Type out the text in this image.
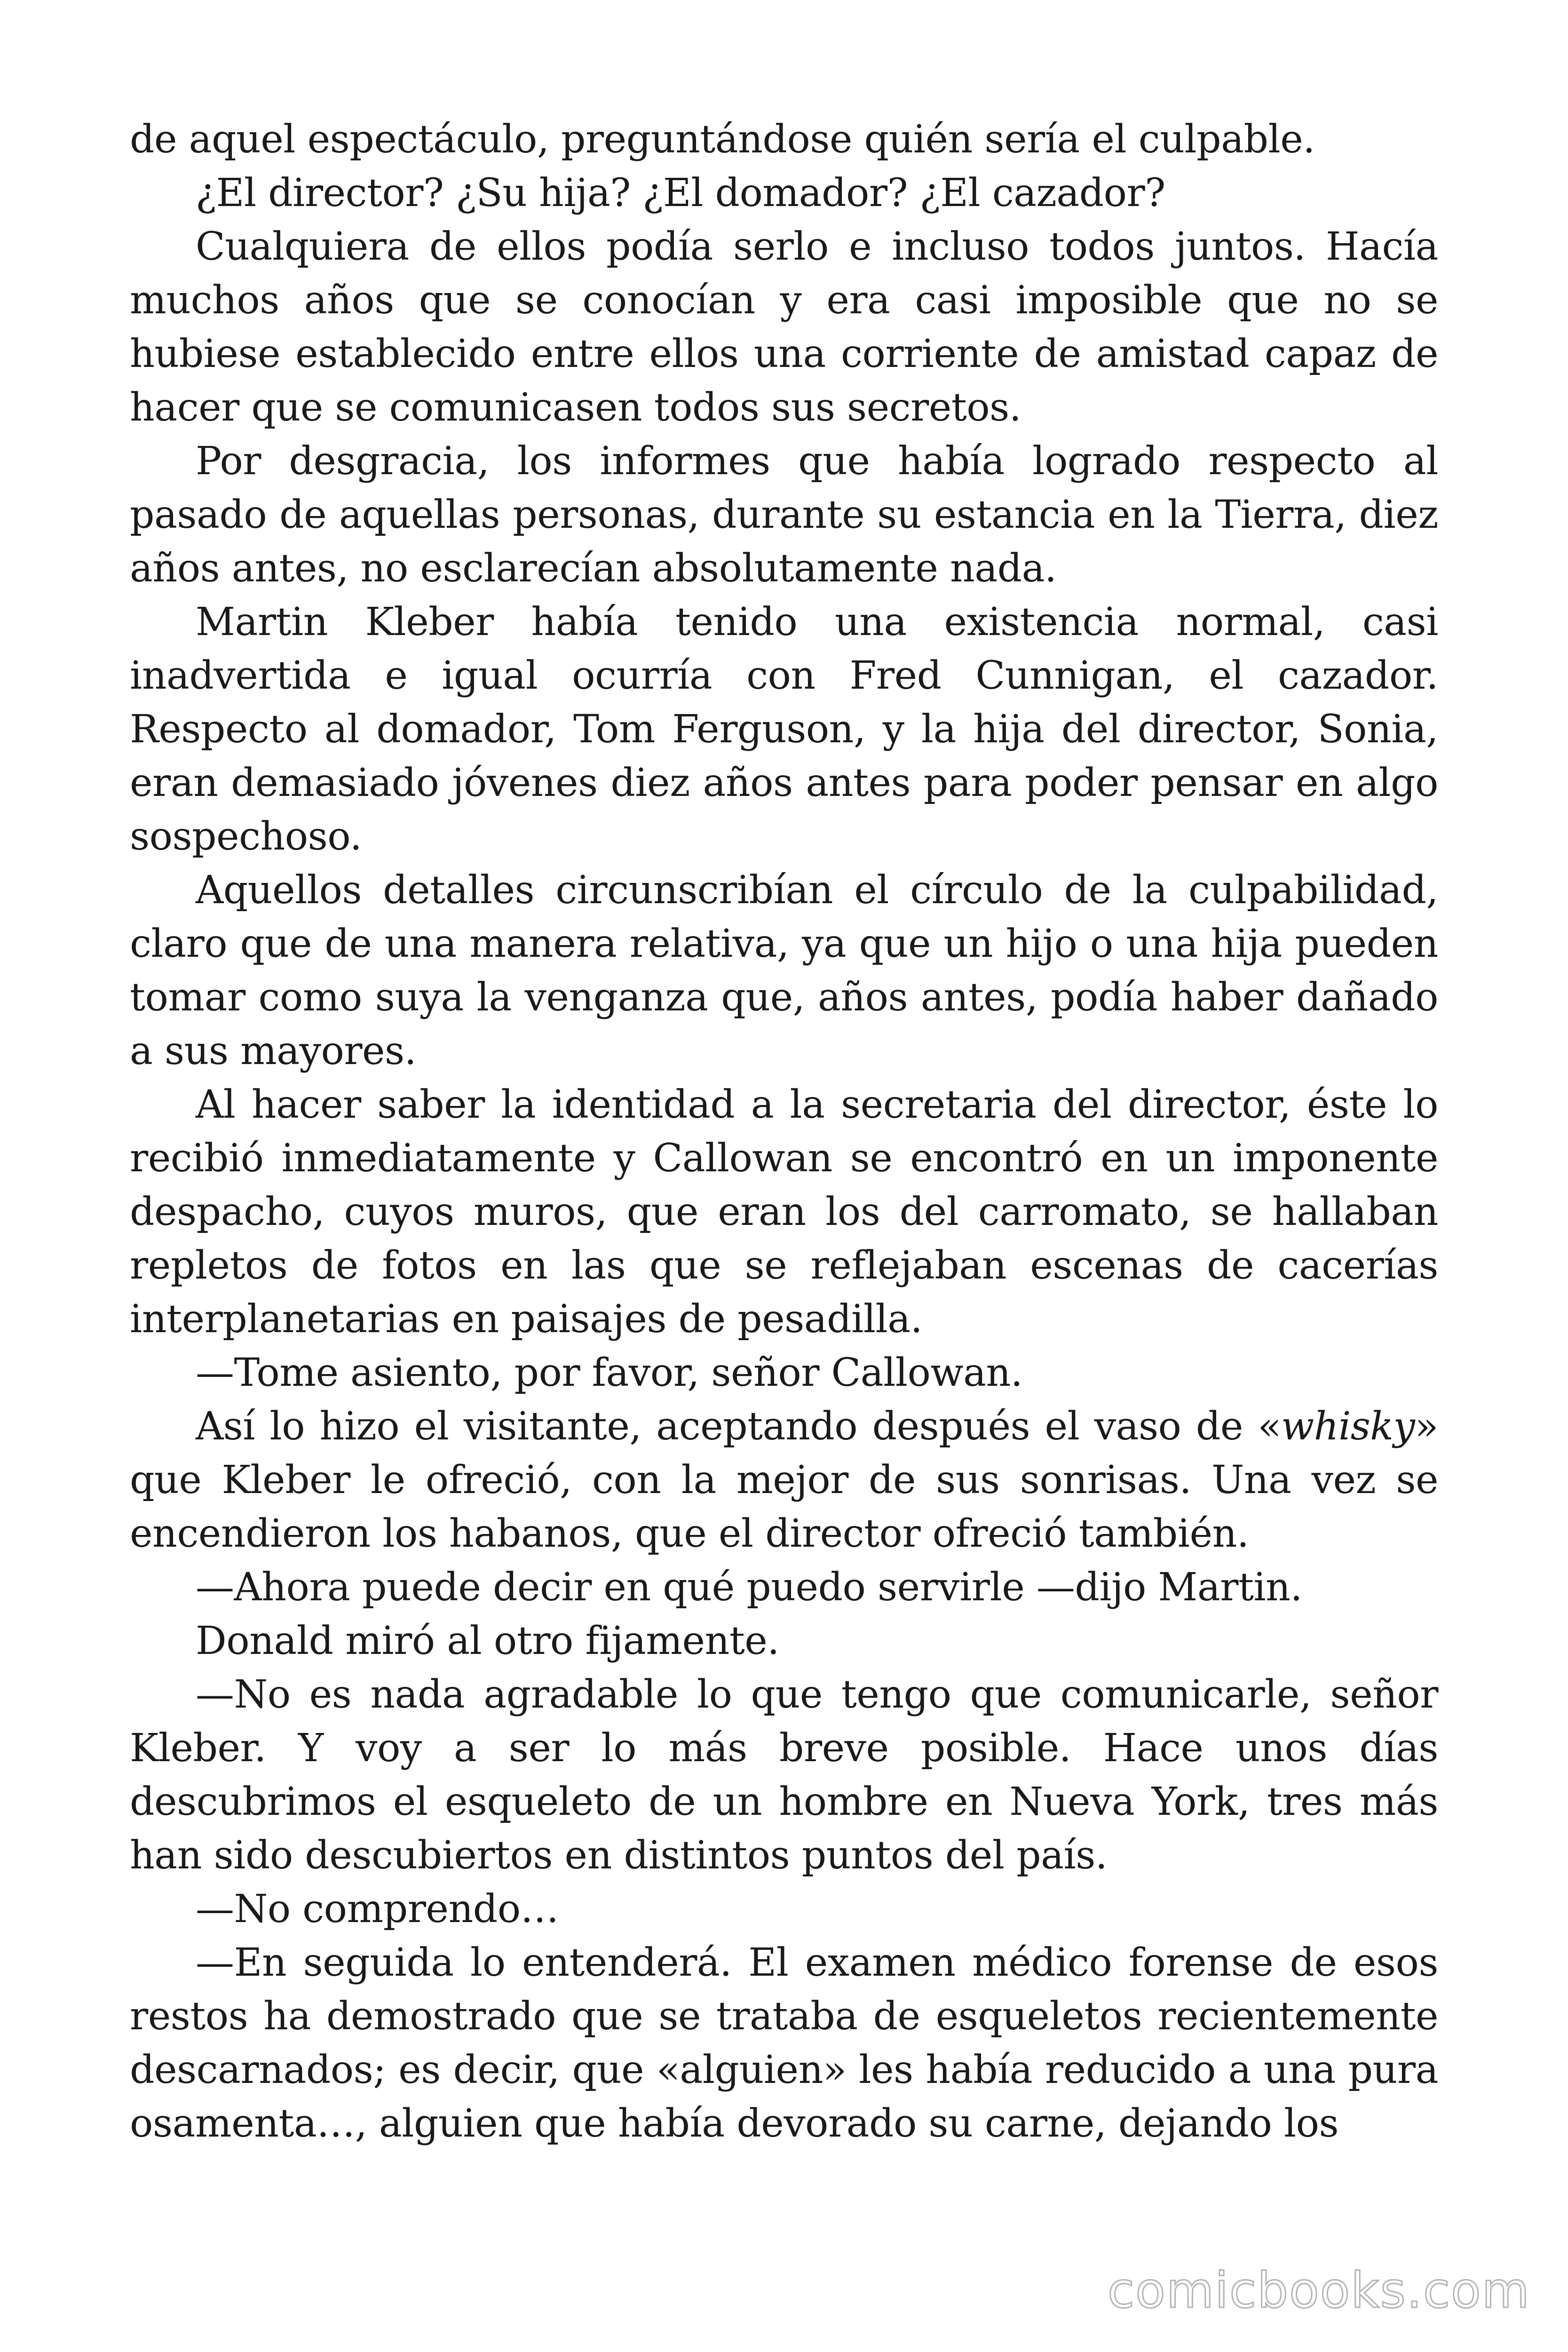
de aquel espectáculo, preguntándose quién sería el culpable.

¿El director? ¿Su hija? ¿El domador? ¿El cazador?

Cualquiera de ellos podía serlo e incluso todos juntos. Hacía muchos años que se conocían y era casi imposible que no se hubiese establecido entre ellos una corriente de amistad capaz de hacer que se comunicasen todos sus secretos.

Por desgracia, los informes que había logrado respecto al pasado de aquellas personas, durante su estancia en la Tierra, diez años antes, no esclarecían absolutamente nada.

Martin Kleber había tenido una existencia normal, casi inadvertida e igual ocurría con Fred Cunnigan, el cazador. Respecto al domador, Tom Ferguson, y la hija del director, Sonia, eran demasiado jóvenes diez años antes para poder pensar en algo sospechoso.

Aquellos detalles circunscribían el círculo de la culpabilidad, claro que de una manera relativa, ya que un hijo o una hija pueden tomar como suya la venganza que, años antes, podía haber dañado a sus mayores.

Al hacer saber la identidad a la secretaria del director, éste lo recibió inmediatamente y Callowan se encontró en un imponente despacho, cuyos muros, que eran los del carromato, se hallaban repletos de fotos en las que se reflejaban escenas de cacerías interplanetarias en paisajes de pesadilla.

—Tome asiento, por favor, señor Callowan.

Así lo hizo el visitante, aceptando después el vaso de «whisky» que Kleber le ofreció, con la mejor de sus sonrisas. Una vez se encendieron los habanos, que el director ofreció también.

—Ahora puede decir en qué puedo servirle —dijo Martin.

Donald miró al otro fijamente.

—No es nada agradable lo que tengo que comunicarle, señor Kleber. Y voy a ser lo más breve posible. Hace unos días descubrimos el esqueleto de un hombre en Nueva York, tres más han sido descubiertos en distintos puntos del país.

—No comprendo…

—En seguida lo entenderá. El examen médico forense de esos restos ha demostrado que se trataba de esqueletos recientemente descarnados; es decir, que «alguien» les había reducido a una pura osamenta…, alguien que había devorado su carne, dejando los

comicbooks.com
